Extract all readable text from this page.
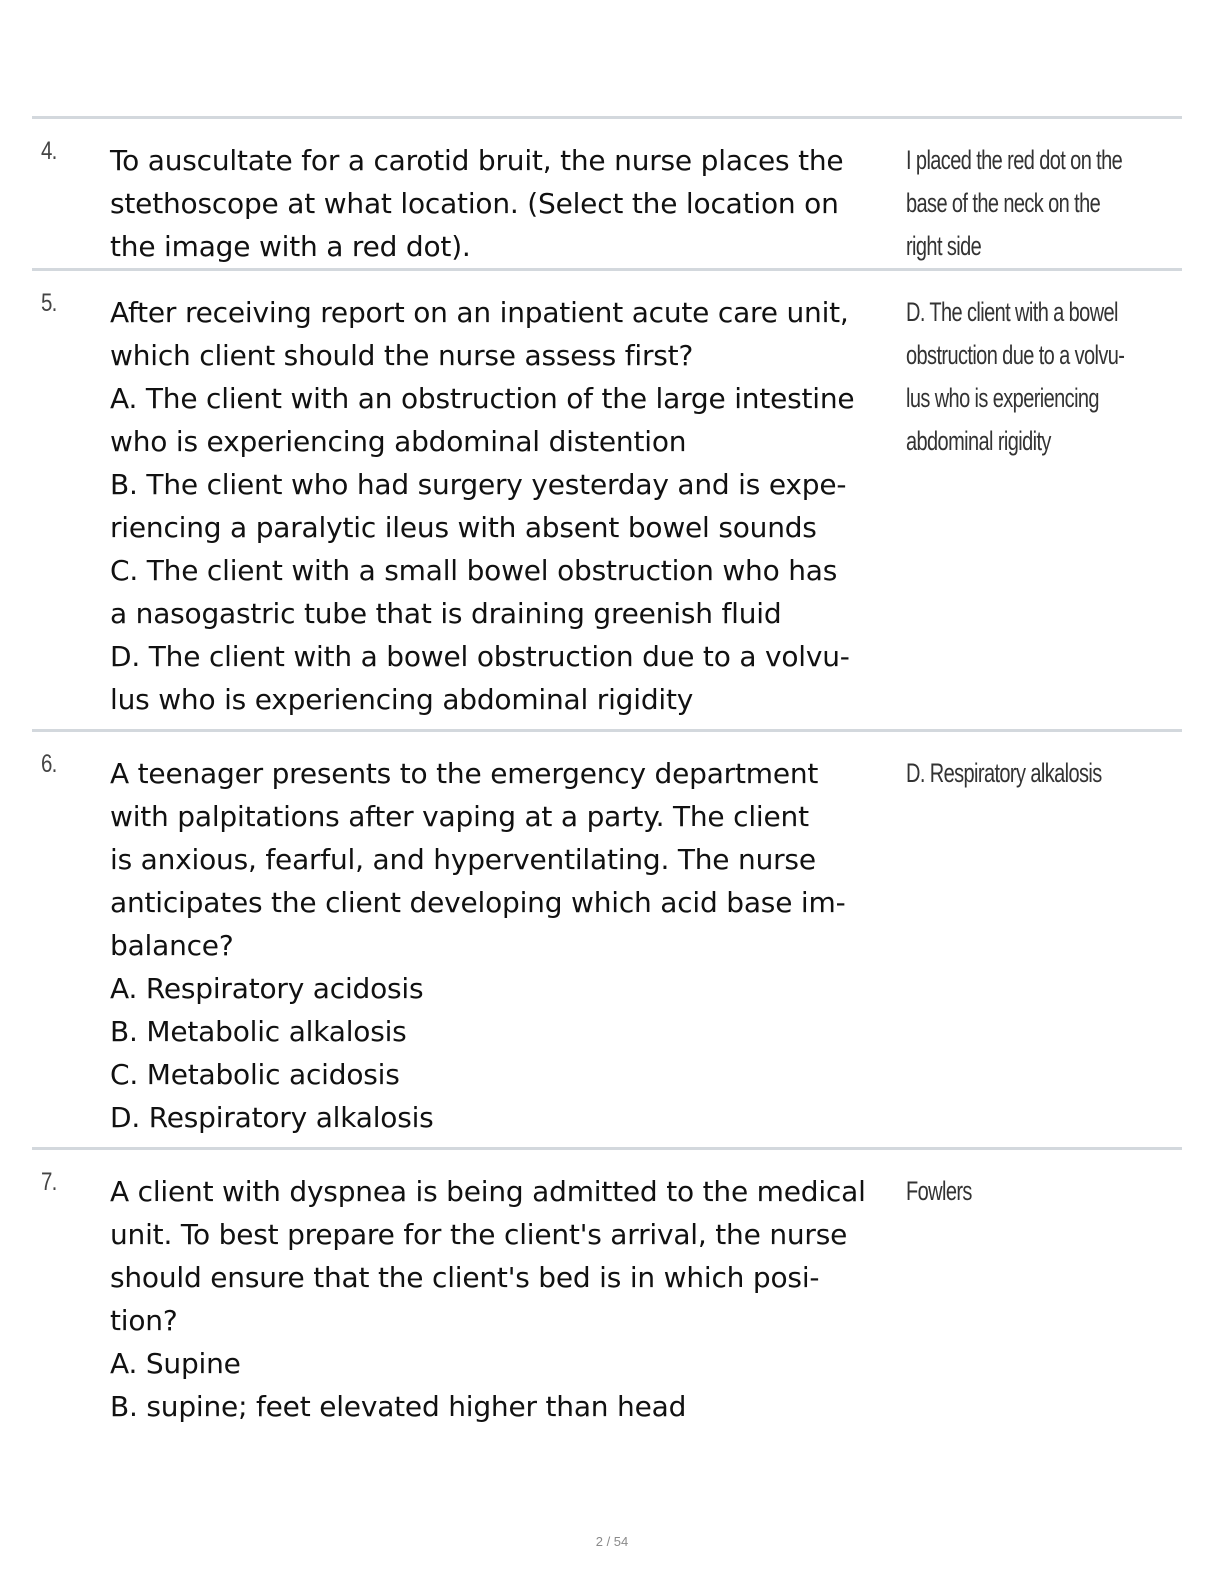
4. To auscultate for a carotid bruit, the nurse places the
stethoscope at what location. (Select the location on
the image with a red dot).
I placed the red dot on the
base of the neck on the
right side
5. After receiving report on an inpatient acute care unit,
which client should the nurse assess first?
A. The client with an obstruction of the large intestine
who is experiencing abdominal distention
B. The client who had surgery yesterday and is expe-
riencing a paralytic ileus with absent bowel sounds
C. The client with a small bowel obstruction who has
a nasogastric tube that is draining greenish fluid
D. The client with a bowel obstruction due to a volvu-
lus who is experiencing abdominal rigidity
D. The client with a bowel
obstruction due to a volvu-
lus who is experiencing
abdominal rigidity
6. A teenager presents to the emergency department
with palpitations after vaping at a party. The client
is anxious, fearful, and hyperventilating. The nurse
anticipates the client developing which acid base im-
balance?
A. Respiratory acidosis
B. Metabolic alkalosis
C. Metabolic acidosis
D. Respiratory alkalosis
D. Respiratory alkalosis
7. A client with dyspnea is being admitted to the medical
unit. To best prepare for the client's arrival, the nurse
should ensure that the client's bed is in which posi-
tion?
A. Supine
B. supine; feet elevated higher than head
Fowlers
2 / 54
